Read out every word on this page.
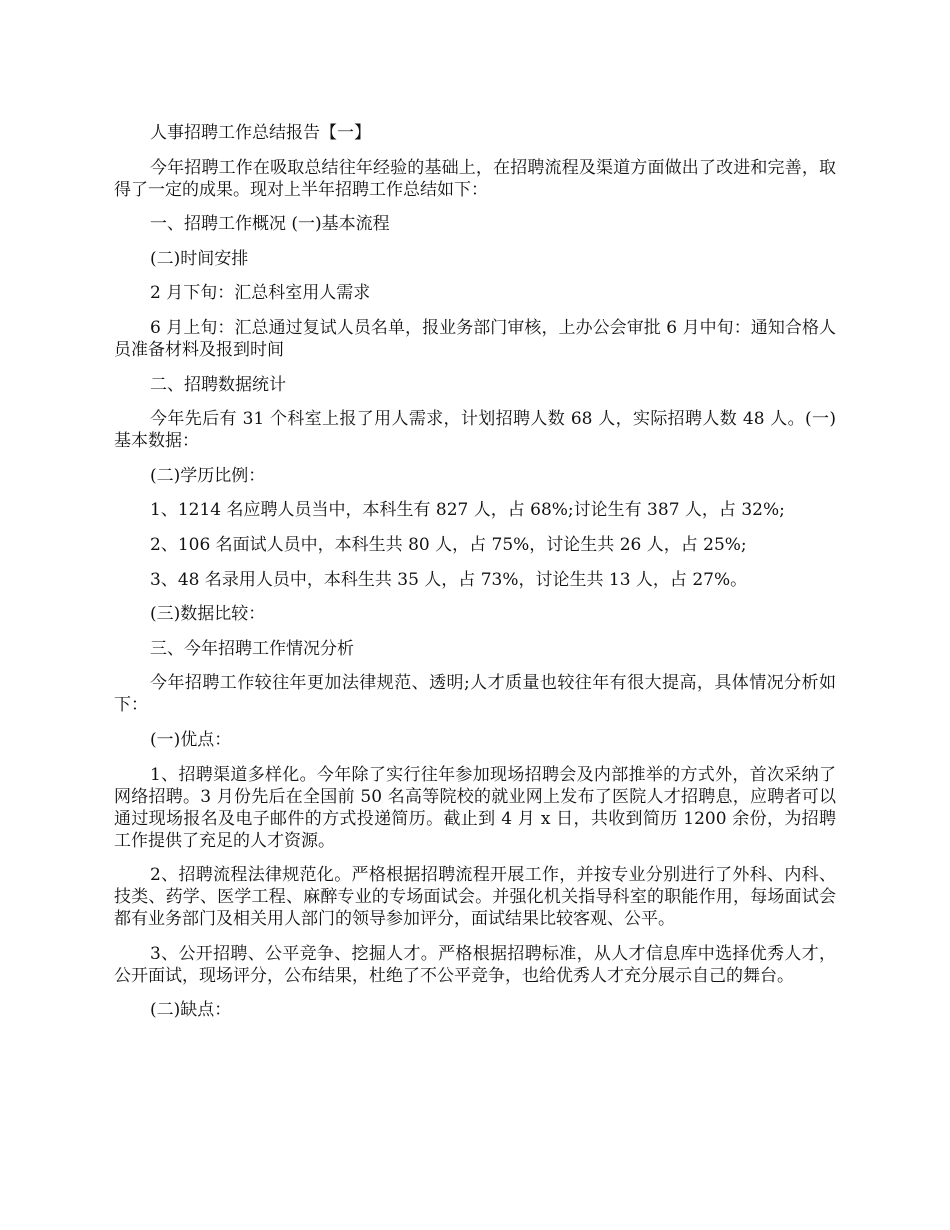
人事招聘工作总结报告【一】

今年招聘工作在吸取总结往年经验的基础上，在招聘流程及渠道方面做出了改进和完善，取得了一定的成果。现对上半年招聘工作总结如下：

一、招聘工作概况 (一)基本流程

(二)时间安排

2 月下旬：汇总科室用人需求

6 月上旬：汇总通过复试人员名单，报业务部门审核，上办公会审批 6 月中旬：通知合格人员准备材料及报到时间

二、招聘数据统计

今年先后有 31 个科室上报了用人需求，计划招聘人数 68 人，实际招聘人数 48 人。(一)基本数据：

(二)学历比例：

1、1214 名应聘人员当中，本科生有 827 人，占 68%;讨论生有 387 人，占 32%;

2、106 名面试人员中，本科生共 80 人，占 75%，讨论生共 26 人，占 25%;

3、48 名录用人员中，本科生共 35 人，占 73%，讨论生共 13 人，占 27%。

(三)数据比较：

三、今年招聘工作情况分析

今年招聘工作较往年更加法律规范、透明;人才质量也较往年有很大提高，具体情况分析如下：

(一)优点：

1、招聘渠道多样化。今年除了实行往年参加现场招聘会及内部推举的方式外，首次采纳了网络招聘。3 月份先后在全国前 50 名高等院校的就业网上发布了医院人才招聘息，应聘者可以通过现场报名及电子邮件的方式投递简历。截止到 4 月 x 日，共收到简历 1200 余份，为招聘工作提供了充足的人才资源。

2、招聘流程法律规范化。严格根据招聘流程开展工作，并按专业分别进行了外科、内科、技类、药学、医学工程、麻醉专业的专场面试会。并强化机关指导科室的职能作用，每场面试会都有业务部门及相关用人部门的领导参加评分，面试结果比较客观、公平。

3、公开招聘、公平竞争、挖掘人才。严格根据招聘标准，从人才信息库中选择优秀人才，公开面试，现场评分，公布结果，杜绝了不公平竞争，也给优秀人才充分展示自己的舞台。

(二)缺点：
